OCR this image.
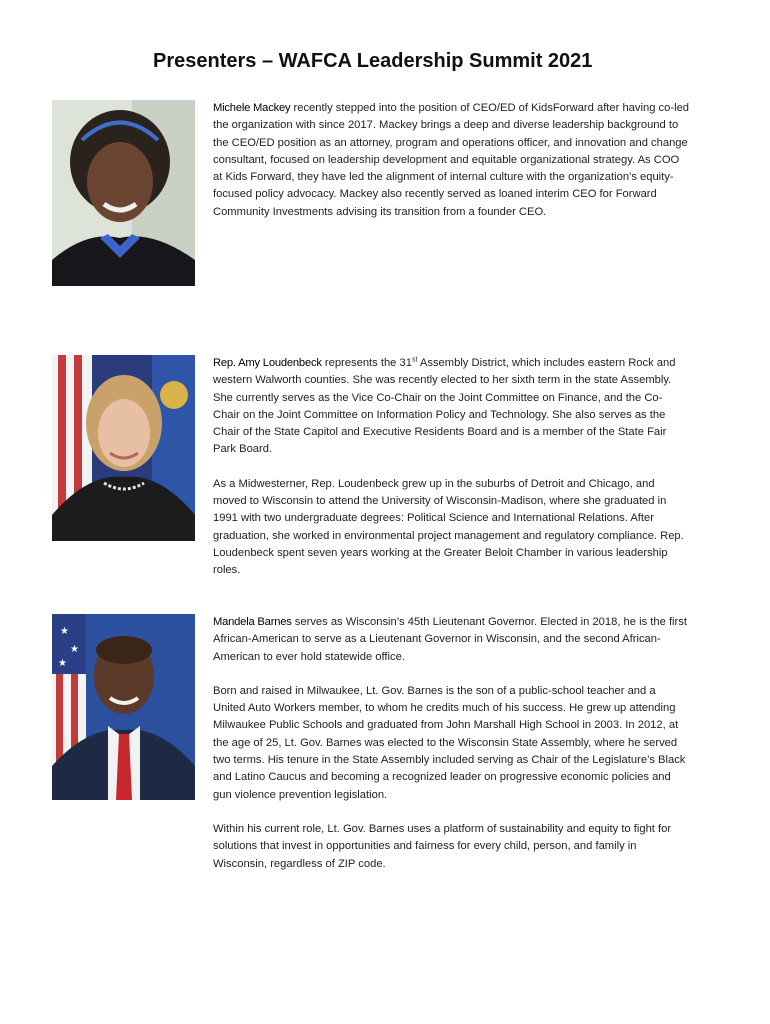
Presenters – WAFCA Leadership Summit 2021

Michele Mackey recently stepped into the position of CEO/ED of KidsForward after having co-led the organization with since 2017. Mackey brings a deep and diverse leadership background to the CEO/ED position as an attorney, program and operations officer, and innovation and change consultant, focused on leadership development and equitable organizational strategy. As COO at Kids Forward, they have led the alignment of internal culture with the organization’s equity-focused policy advocacy. Mackey also recently served as loaned interim CEO for Forward Community Investments advising its transition from a founder CEO.

Rep. Amy Loudenbeck represents the 31st Assembly District, which includes eastern Rock and western Walworth counties. She was recently elected to her sixth term in the state Assembly. She currently serves as the Vice Co-Chair on the Joint Committee on Finance, and the Co-Chair on the Joint Committee on Information Policy and Technology. She also serves as the Chair of the State Capitol and Executive Residents Board and is a member of the State Fair Park Board.

As a Midwesterner, Rep. Loudenbeck grew up in the suburbs of Detroit and Chicago, and moved to Wisconsin to attend the University of Wisconsin-Madison, where she graduated in 1991 with two undergraduate degrees: Political Science and International Relations. After graduation, she worked in environmental project management and regulatory compliance. Rep. Loudenbeck spent seven years working at the Greater Beloit Chamber in various leadership roles.

★
★
★

Mandela Barnes serves as Wisconsin’s 45th Lieutenant Governor. Elected in 2018, he is the first African-American to serve as a Lieutenant Governor in Wisconsin, and the second African-American to ever hold statewide office.

Born and raised in Milwaukee, Lt. Gov. Barnes is the son of a public-school teacher and a United Auto Workers member, to whom he credits much of his success. He grew up attending Milwaukee Public Schools and graduated from John Marshall High School in 2003. In 2012, at the age of 25, Lt. Gov. Barnes was elected to the Wisconsin State Assembly, where he served two terms. His tenure in the State Assembly included serving as Chair of the Legislature’s Black and Latino Caucus and becoming a recognized leader on progressive economic policies and gun violence prevention legislation.

Within his current role, Lt. Gov. Barnes uses a platform of sustainability and equity to fight for solutions that invest in opportunities and fairness for every child, person, and family in Wisconsin, regardless of ZIP code.
